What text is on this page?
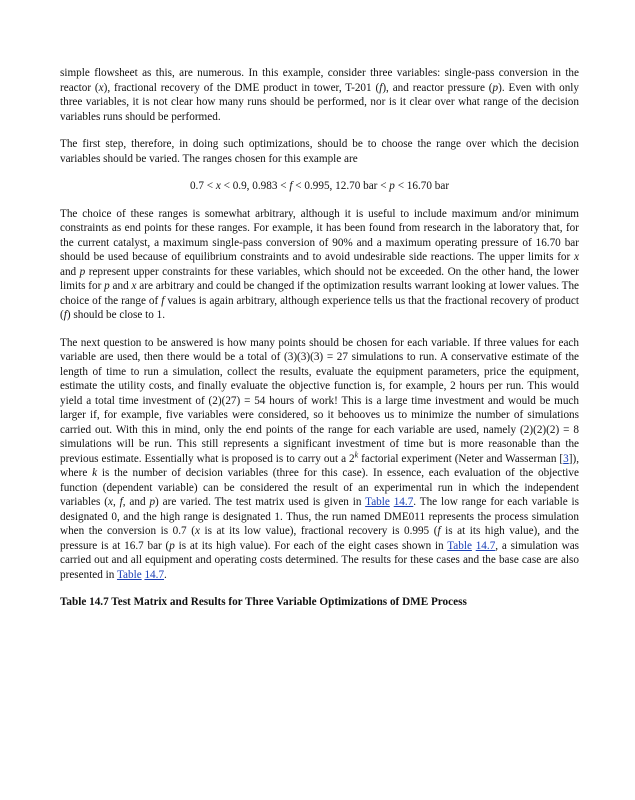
simple flowsheet as this, are numerous. In this example, consider three variables: single-pass conversion in the reactor (x), fractional recovery of the DME product in tower, T-201 (f), and reactor pressure (p). Even with only three variables, it is not clear how many runs should be performed, nor is it clear over what range of the decision variables runs should be performed.

The first step, therefore, in doing such optimizations, should be to choose the range over which the decision variables should be varied. The ranges chosen for this example are

0.7 < x < 0.9, 0.983 < f < 0.995, 12.70 bar < p < 16.70 bar

The choice of these ranges is somewhat arbitrary, although it is useful to include maximum and/or minimum constraints as end points for these ranges. For example, it has been found from research in the laboratory that, for the current catalyst, a maximum single-pass conversion of 90% and a maximum operating pressure of 16.70 bar should be used because of equilibrium constraints and to avoid undesirable side reactions. The upper limits for x and p represent upper constraints for these variables, which should not be exceeded. On the other hand, the lower limits for p and x are arbitrary and could be changed if the optimization results warrant looking at lower values. The choice of the range of f values is again arbitrary, although experience tells us that the fractional recovery of product (f) should be close to 1.

The next question to be answered is how many points should be chosen for each variable. If three values for each variable are used, then there would be a total of (3)(3)(3) = 27 simulations to run. A conservative estimate of the length of time to run a simulation, collect the results, evaluate the equipment parameters, price the equipment, estimate the utility costs, and finally evaluate the objective function is, for example, 2 hours per run. This would yield a total time investment of (2)(27) = 54 hours of work! This is a large time investment and would be much larger if, for example, five variables were considered, so it behooves us to minimize the number of simulations carried out. With this in mind, only the end points of the range for each variable are used, namely (2)(2)(2) = 8 simulations will be run. This still represents a significant investment of time but is more reasonable than the previous estimate. Essentially what is proposed is to carry out a 2$^k$ factorial experiment (Neter and Wasserman [3]), where k is the number of decision variables (three for this case). In essence, each evaluation of the objective function (dependent variable) can be considered the result of an experimental run in which the independent variables (x, f, and p) are varied. The test matrix used is given in Table 14.7. The low range for each variable is designated 0, and the high range is designated 1. Thus, the run named DME011 represents the process simulation when the conversion is 0.7 (x is at its low value), fractional recovery is 0.995 (f is at its high value), and the pressure is at 16.7 bar (p is at its high value). For each of the eight cases shown in Table 14.7, a simulation was carried out and all equipment and operating costs determined. The results for these cases and the base case are also presented in Table 14.7.

Table 14.7 Test Matrix and Results for Three Variable Optimizations of DME Process
